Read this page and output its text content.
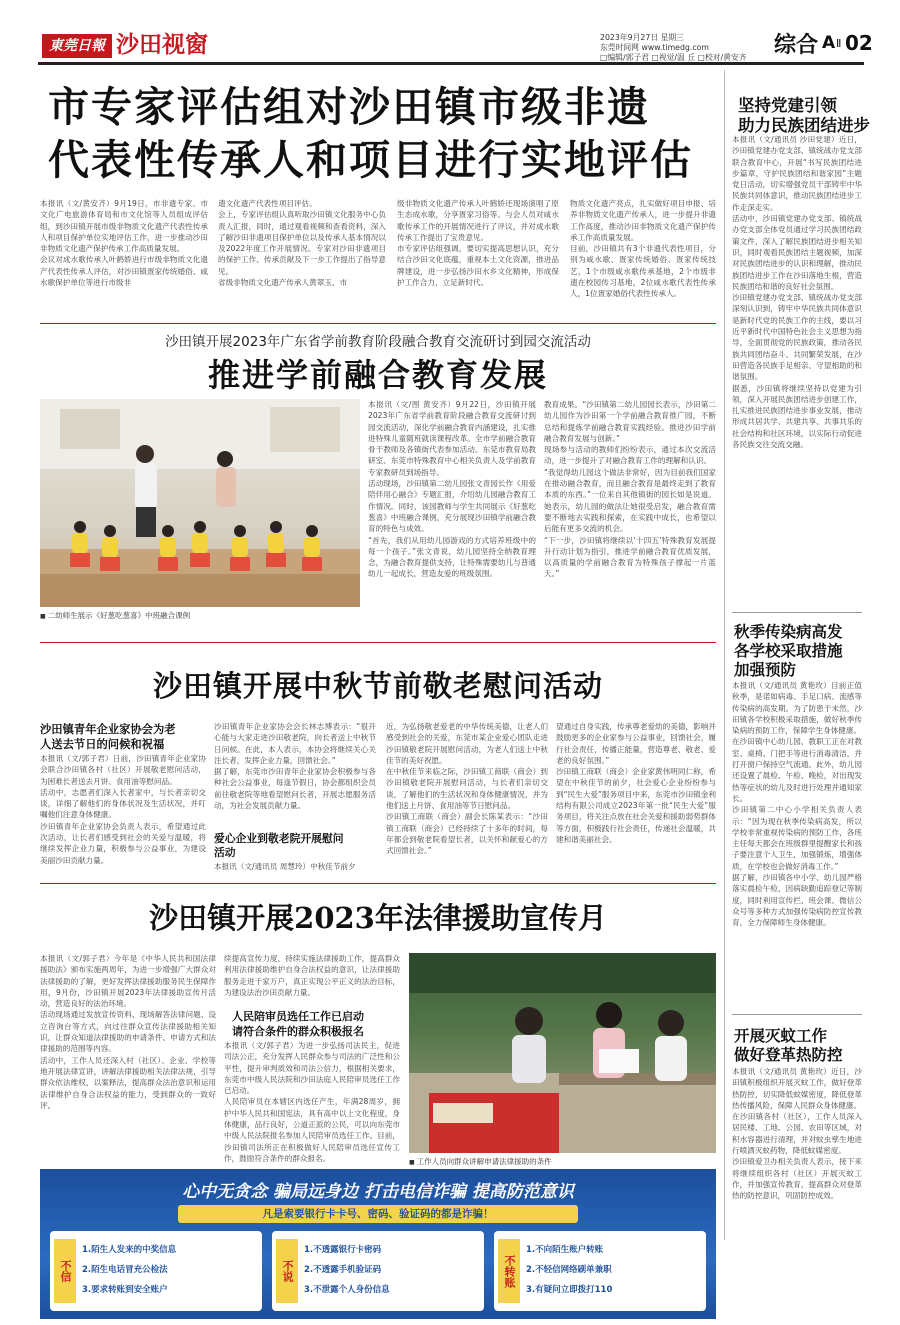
東莞日報 沙田视窗	2023年9月27日 星期三
东莞时间网 www.timedg.com
□编辑/郭子君 □视觉/温 丘 □校对/黄安齐 综合 A Ⅱ 02
市专家评估组对沙田镇市级非遗
代表性传承人和项目进行实地评估
本报讯（文/黄安齐）9月19日，市非遗专家、市文化广电旅游体育局和市文化馆等人员组成评估组，到沙田镇开展市级非物质文化遗产代表性传承人和项目保护单位实地评估工作，进一步推动沙田非物质文化遗产保护传承工作高质量发展。
会议对成水歌传承人叶鹤娇进行市级非物质文化遗产代表性传承人评估，对沙田镇疍家传统婚俗、咸水歌保护单位等进行市级非
遗文化遗产代表性项目评估。
会上，专家评估组认真听取沙田镇文化服务中心负责人汇报，同时，通过观看视频和查看资料，深入了解沙田非遗项目保护单位以及传承人基本情况以及2022年度工作开展情况。专家对沙田非遗项目的保护工作、传承贡献及下一步工作提出了指导意见。
省级非物质文化遗产传承人黄翠玉、市
级非物质文化遗产传承人叶鹤娇还现场演唱了原生态成水歌，分享疍家习俗等。与会人员对咸水歌传承工作的开展情况进行了评议，并对成水歌传承工作提出了宝贵意见。
市专家评估组强调，要切实提高思想认识，充分结合沙田文化底蕴，重视本土文化资源，推进品牌建设，进一步弘扬沙田水乡文化精神，形成保护工作合力，立足新时代。
物质文化遗产亮点，扎实做好项目申报、培养非物质文化遗产传承人，进一步提升非遗工作高度，推动沙田非物质文化遗产保护传承工作高质量发展。
目前，沙田镇共有3个非遗代表性项目，分别为咸水歌、疍家传统婚俗、疍家传统技艺，1个市级咸水歌传承基地，2个市级非遗在校园传习基地，2位咸水歌代表性传承人，1位疍家婚俗代表性传承人。
沙田镇开展2023年广东省学前教育阶段融合教育交流研讨到园交流活动
推进学前融合教育发展
■ 二幼师生展示《好葱吃葱喜》中班融合课例
本报讯（文/图 黄安齐）9月22日，沙田镇开展2023年广东省学前教育阶段融合教育交流研讨到园交流活动，深化学前融合教育内涵建设，扎实推进特殊儿童随班就读课程改革。全市学前融合教育骨干教师及各镇街代表参加活动。东莞市教育局教研室、东莞市特殊教育中心相关负责人及学前教育专家教研员到场指导。
活动现场，沙田镇第二幼儿园张文青园长作《用爱陪伴用心融合》专题汇报，介绍幼儿园融合教育工作情况。同时，该园教师与学生共同展示《好葱吃葱喜》中班融合课例，充分展现沙田镇学前融合教育的特色与成效。
“首先，我们从用幼儿园游戏的方式培养班级中的每一个孩子。”张文青说，幼儿园坚持全纳教育理念，为融合教育提供支持，让特殊需要幼儿与普通幼儿一起成长，营造友爱的班级氛围。
教育成果。“沙田镇第二幼儿园园长表示，沙田第二幼儿园作为沙田第一个学前融合教育推广园，不断总结和提炼学前融合教育实践经验。推进沙田学前融合教育发展与创新。”
现场参与活动的教师们纷纷表示，通过本次交流活动，进一步提升了对融合教育工作的理解和认识。
“我觉得幼儿园这个做法非常好，因为目前我们国家在推动融合教育，而且融合教育是最终走到了教育本质的东西。”一位来自其他镇街的园长如是说道。她表示，幼儿园的做法让她很受启发，融合教育需要不断地去实践和探索，在实践中成长，也希望以后能有更多交流的机会。
“下一步，沙田镇将继续以‘十四五’特殊教育发展提升行动计划为指引，推进学前融合教育优质发展，以高质量的学前融合教育为特殊孩子撑起一片蓝天。”
沙田镇开展中秋节前敬老慰问活动
沙田镇青年企业家协会为老
人送去节日的问候和祝福
本报讯（文/郭子君）日前，沙田镇青年企业家协会联合沙田镇各村（社区）开展敬老慰问活动，为困难长者送去月饼、食用油等慰问品。
活动中，志愿者们深入长者家中，与长者亲切交谈，详细了解他们的身体状况及生活状况，并叮嘱他们注意身体健康。
沙田镇青年企业家协会负责人表示，希望通过此次活动，让长者们感受到社会的关爱与温暖，将继续发挥企业力量，积极参与公益事业，为建设美丽沙田贡献力量。
沙田镇青年企业家协会会长林志博表示：“很开心能与大家走进沙田敬老院，向长者送上中秋节日问候。在此，本人表示，本协会将继续关心关注长者，发挥企业力量，回馈社会。”
据了解，东莞市沙田青年企业家协会积极参与各种社会公益事业，每逢节假日，协会都组织会员前往敬老院等地看望慰问长者，开展志愿服务活动，为社会发展贡献力量。
爱心企业到敬老院开展慰问
活动
本报讯（文/通讯员 周慧玲）中秋佳节前夕
近，为弘扬敬老爱老的中华传统美德，让老人们感受到社会的关爱，东莞市某企业爱心团队走进沙田镇敬老院开展慰问活动，为老人们送上中秋佳节的美好祝愿。
在中秋佳节来临之际，沙田镇工商联（商会）到沙田镇敬老院开展慰问活动，与长者们亲切交谈，了解他们的生活状况和身体健康情况，并为他们送上月饼、食用油等节日慰问品。
沙田镇工商联（商会）副会长陈某表示：“沙田镇工商联（商会）已经持续了十多年的时间，每年都会到敬老院看望长者，以关怀和献爱心的方式回馈社会。”
望通过自身实践，传承尊老爱幼的美德，影响并鼓励更多的企业家参与公益事业，回馈社会，履行社会责任，传播正能量，营造尊老、敬老、爱老的良好氛围。”
沙田镇工商联（商会）企业家黄伟明同仁称，希望在中秋佳节的前夕，社会爱心企业纷纷参与到“民生大爱”服务项目中来，东莞市沙田镇金利结构有限公司成立2023年第一批“民生大爱”服务项目，将关注点放在社会关爱和援助弱势群体等方面，积极践行社会责任，传递社会温暖，共建和谐美丽社会。
沙田镇开展2023年法律援助宣传月
本报讯（文/郭子君）今年是《中华人民共和国法律援助法》颁布实施两周年，为进一步增强广大群众对法律援助的了解，更好发挥法律援助服务民生保障作用，9月份，沙田镇开展2023年法律援助宣传月活动，营造良好的法治环境。
活动现场通过发放宣传资料、现场解答法律问题、设立咨询台等方式，向过往群众宣传法律援助相关知识，让群众知道法律援助的申请条件、申请方式和法律援助的范围等内容。
活动中，工作人员还深入村（社区）、企业、学校等地开展法律宣讲，讲解法律援助相关法律法规，引导群众依法维权，以案释法，提高群众法治意识和运用法律维护自身合法权益的能力，受到群众的一致好评。
续提高宣传力度，持续实施法律援助工作，提高群众利用法律援助维护自身合法权益的意识，让法律援助服务走进千家万户，真正实现公平正义的法治目标，为建设法治沙田贡献力量。
人民陪审员选任工作已启动
请符合条件的群众积极报名
本报讯（文/郭子君）为进一步弘扬司法民主，促进司法公正，充分发挥人民群众参与司法的广泛性和公平性，提升审判质效和司法公信力，根据相关要求，东莞市中级人民法院和沙田法庭人民陪审员选任工作已启动。
人民陪审员在本辖区内选任产生，年满28周岁，拥护中华人民共和国宪法，具有高中以上文化程度，身体健康，品行良好，公道正派的公民，可以向东莞市中级人民法院报名参加人民陪审员选任工作。目前，沙田镇司法所正在积极做好人民陪审员选任宣传工作，鼓励符合条件的群众报名。
■	工作人员向群众讲解申请法律援助的条件
心中无贪念 骗局远身边 打击电信诈骗 提高防范意识
凡是索要银行卡卡号、密码、验证码的都是诈骗！
不信
1.陌生人发来的中奖信息
2.陌生电话冒充公检法
3.要求转账到安全账户
不说
1.不透露银行卡密码
2.不透露手机验证码
3.不泄露个人身份信息
不转账
1.不向陌生账户转账
2.不轻信网络刷单兼职
3.有疑问立即拨打110
坚持党建引领
助力民族团结进步
本报讯（文/通讯员 沙田党建）近日，沙田镇党建办党支部、镇统战办党支部联合教育中心，开展“书写民族团结进步篇章，守护民族团结和谐家园”主题党日活动，切实增强党员干部铸牢中华民族共同体意识，推动民族团结进步工作走深走实。
活动中，沙田镇党建办党支部、镇统战办党支部全体党员通过学习民族团结政策文件，深入了解民族团结进步相关知识，同时观看民族团结主题视频，加深对民族团结进步的认识和理解，推动民族团结进步工作在沙田落地生根，营造民族团结和谐的良好社会氛围。
沙田镇党建办党支部、镇统战办党支部深刻认识到，铸牢中华民族共同体意识是新时代党的民族工作的主线，要以习近平新时代中国特色社会主义思想为指导，全面贯彻党的民族政策，推动各民族共同团结奋斗、共同繁荣发展，在沙田营造各民族手足相亲、守望相助的和谐氛围。
据悉，沙田镇将继续坚持以党建为引领，深入开展民族团结进步创建工作，扎实推进民族团结进步事业发展，推动形成共居共学、共建共享、共事共乐的社会结构和社区环境，以实际行动促进各民族交往交流交融。
秋季传染病高发
各学校采取措施
加强预防
本报讯（文/通讯员 黄艳玫）目前正值秋季，是诺如病毒、手足口病、流感等传染病的高发期。为了防患于未然，沙田镇各学校积极采取措施，做好秋季传染病的预防工作，保障学生身体健康。
在沙田镇中心幼儿园，教职工正在对教室、桌椅、门把手等进行消毒清洁，并打开窗户保持空气流通。此外，幼儿园还设置了晨检、午检、晚检，对出现发热等症状的幼儿及时进行处理并通知家长。
沙田镇第二中心小学相关负责人表示：“因为现在秋季传染病高发，所以学校非常重视传染病的预防工作，各班主任每天都会在班级群里提醒家长和孩子要注意个人卫生，加强锻炼，增强体质，在学校也会做好消毒工作。”
据了解，沙田镇各中小学、幼儿园严格落实晨检午检、因病缺勤追踪登记等制度，同时利用宣传栏、班会课、微信公众号等多种方式加强传染病防控宣传教育，全力保障师生身体健康。
开展灭蚊工作
做好登革热防控
本报讯（文/通讯员 黄艳玫）近日，沙田镇积极组织开展灭蚊工作，做好登革热防控，切实降低蚊媒密度，降低登革热传播风险，保障人民群众身体健康。
在沙田镇各村（社区），工作人员深入居民楼、工地、公园、农田等区域，对积水容器进行清理，并对蚊虫孳生地进行喷洒灭蚊药物，降低蚊媒密度。
沙田镇爱卫办相关负责人表示，接下来将继续组织各村（社区）开展灭蚊工作，并加强宣传教育，提高群众对登革热的防控意识，巩固防控成效。
